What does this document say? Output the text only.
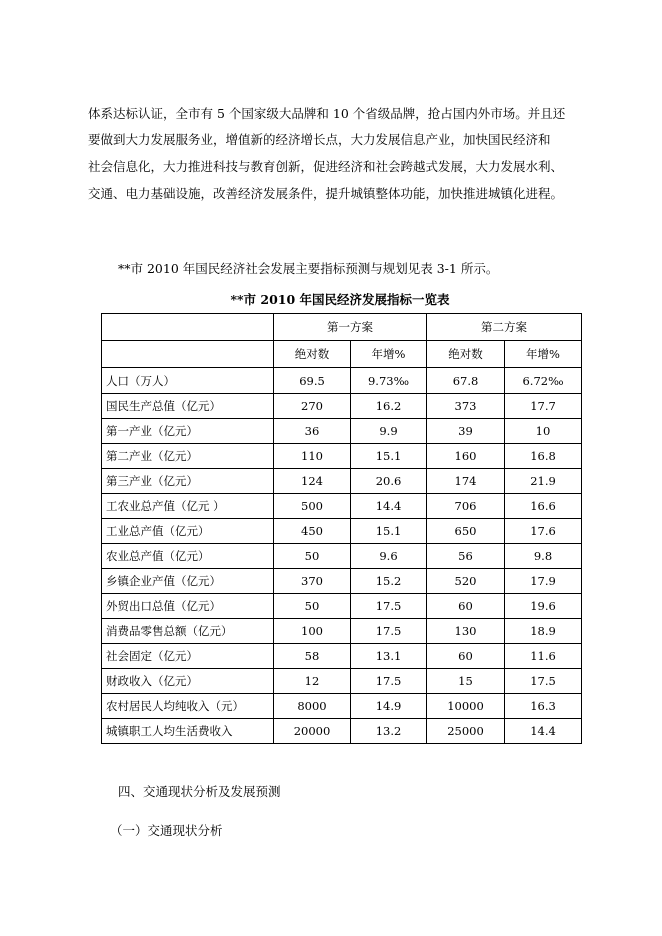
体系达标认证，全市有 5 个国家级大品牌和 10 个省级品牌，抢占国内外市场。并且还
要做到大力发展服务业，增值新的经济增长点，大力发展信息产业，加快国民经济和
社会信息化，大力推进科技与教育创新，促进经济和社会跨越式发展，大力发展水利、
交通、电力基础设施，改善经济发展条件，提升城镇整体功能，加快推进城镇化进程。
**市 2010 年国民经济社会发展主要指标预测与规划见表 3-1 所示。
**市 2010 年国民经济发展指标一览表
	第一方案		第二方案	
	绝对数	年增%	绝对数	年增%
人口（万人）	69.5	9.73‰	67.8	6.72‰
国民生产总值（亿元）	270	16.2	373	17.7
第一产业（亿元）	36	9.9	39	10
第二产业（亿元）	110	15.1	160	16.8
第三产业（亿元）	124	20.6	174	21.9
工农业总产值（亿元 ）	500	14.4	706	16.6
工业总产值（亿元）	450	15.1	650	17.6
农业总产值（亿元）	50	9.6	56	9.8
乡镇企业产值（亿元）	370	15.2	520	17.9
外贸出口总值（亿元）	50	17.5	60	19.6
消费品零售总额（亿元）	100	17.5	130	18.9
社会固定（亿元）	58	13.1	60	11.6
财政收入（亿元）	12	17.5	15	17.5
农村居民人均纯收入（元）	8000	14.9	10000	16.3
城镇职工人均生活费收入	20000	13.2	25000	14.4
四、交通现状分析及发展预测
（一）交通现状分析
